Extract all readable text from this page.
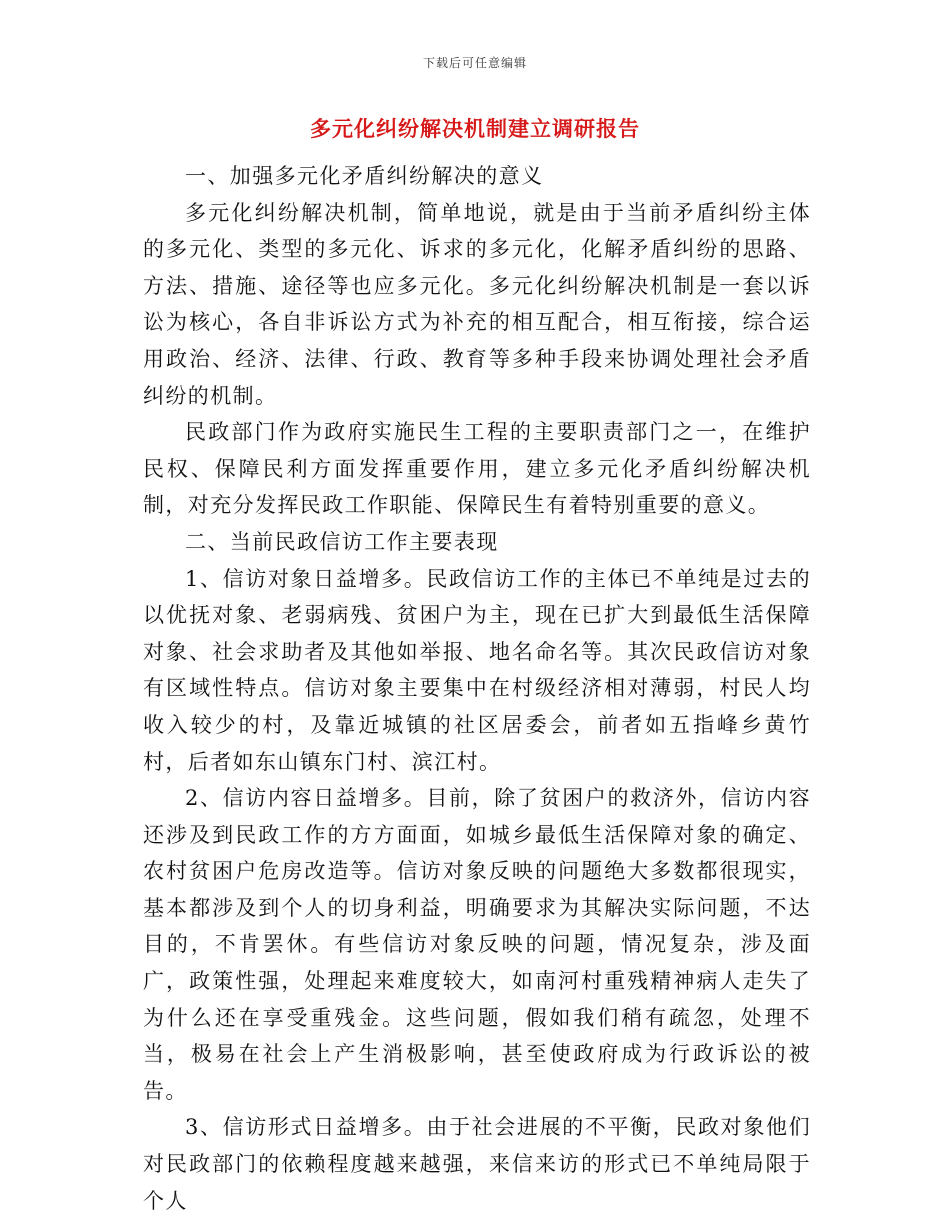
下载后可任意编辑
多元化纠纷解决机制建立调研报告

一、加强多元化矛盾纠纷解决的意义

多元化纠纷解决机制，简单地说，就是由于当前矛盾纠纷主体的多元化、类型的多元化、诉求的多元化，化解矛盾纠纷的思路、方法、措施、途径等也应多元化。多元化纠纷解决机制是一套以诉讼为核心，各自非诉讼方式为补充的相互配合，相互衔接，综合运用政治、经济、法律、行政、教育等多种手段来协调处理社会矛盾纠纷的机制。

民政部门作为政府实施民生工程的主要职责部门之一，在维护民权、保障民利方面发挥重要作用，建立多元化矛盾纠纷解决机制，对充分发挥民政工作职能、保障民生有着特别重要的意义。

二、当前民政信访工作主要表现

1、信访对象日益增多。民政信访工作的主体已不单纯是过去的以优抚对象、老弱病残、贫困户为主，现在已扩大到最低生活保障对象、社会求助者及其他如举报、地名命名等。其次民政信访对象有区域性特点。信访对象主要集中在村级经济相对薄弱，村民人均收入较少的村，及靠近城镇的社区居委会，前者如五指峰乡黄竹村，后者如东山镇东门村、滨江村。

2、信访内容日益增多。目前，除了贫困户的救济外，信访内容还涉及到民政工作的方方面面，如城乡最低生活保障对象的确定、农村贫困户危房改造等。信访对象反映的问题绝大多数都很现实，基本都涉及到个人的切身利益，明确要求为其解决实际问题，不达目的，不肯罢休。有些信访对象反映的问题，情况复杂，涉及面广，政策性强，处理起来难度较大，如南河村重残精神病人走失了为什么还在享受重残金。这些问题，假如我们稍有疏忽，处理不当，极易在社会上产生消极影响，甚至使政府成为行政诉讼的被告。

3、信访形式日益增多。由于社会进展的不平衡，民政对象他们对民政部门的依赖程度越来越强，来信来访的形式已不单纯局限于个人
